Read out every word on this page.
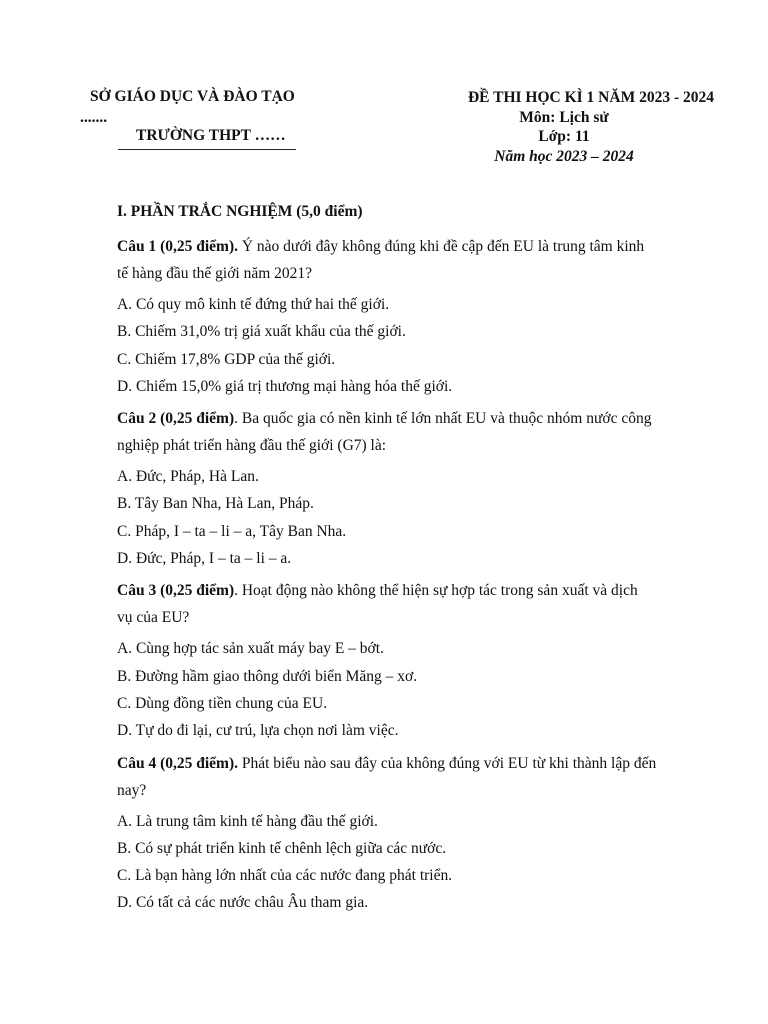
SỞ GIÁO DỤC VÀ ĐÀO TẠO
.......
TRƯỜNG THPT ……
ĐỀ THI HỌC KÌ 1 NĂM 2023 - 2024
Môn: Lịch sử
Lớp: 11
Năm học 2023 – 2024
I. PHẦN TRẮC NGHIỆM (5,0 điểm)
Câu 1 (0,25 điểm). Ý nào dưới đây không đúng khi đề cập đến EU là trung tâm kinh tế hàng đầu thế giới năm 2021?
A. Có quy mô kinh tế đứng thứ hai thế giới.
B. Chiếm 31,0% trị giá xuất khẩu của thế giới.
C. Chiếm 17,8% GDP của thế giới.
D. Chiếm 15,0% giá trị thương mại hàng hóa thế giới.
Câu 2 (0,25 điểm). Ba quốc gia có nền kinh tế lớn nhất EU và thuộc nhóm nước công nghiệp phát triển hàng đầu thế giới (G7) là:
A. Đức, Pháp, Hà Lan.
B. Tây Ban Nha, Hà Lan, Pháp.
C. Pháp, I – ta – li – a, Tây Ban Nha.
D. Đức, Pháp, I – ta – li – a.
Câu 3 (0,25 điểm). Hoạt động nào không thể hiện sự hợp tác trong sản xuất và dịch vụ của EU?
A. Cùng hợp tác sản xuất máy bay E – bớt.
B. Đường hầm giao thông dưới biển Măng – xơ.
C. Dùng đồng tiền chung của EU.
D. Tự do đi lại, cư trú, lựa chọn nơi làm việc.
Câu 4 (0,25 điểm). Phát biểu nào sau đây của không đúng với EU từ khi thành lập đến nay?
A. Là trung tâm kinh tế hàng đầu thế giới.
B. Có sự phát triển kinh tế chênh lệch giữa các nước.
C. Là bạn hàng lớn nhất của các nước đang phát triển.
D. Có tất cả các nước châu Âu tham gia.
